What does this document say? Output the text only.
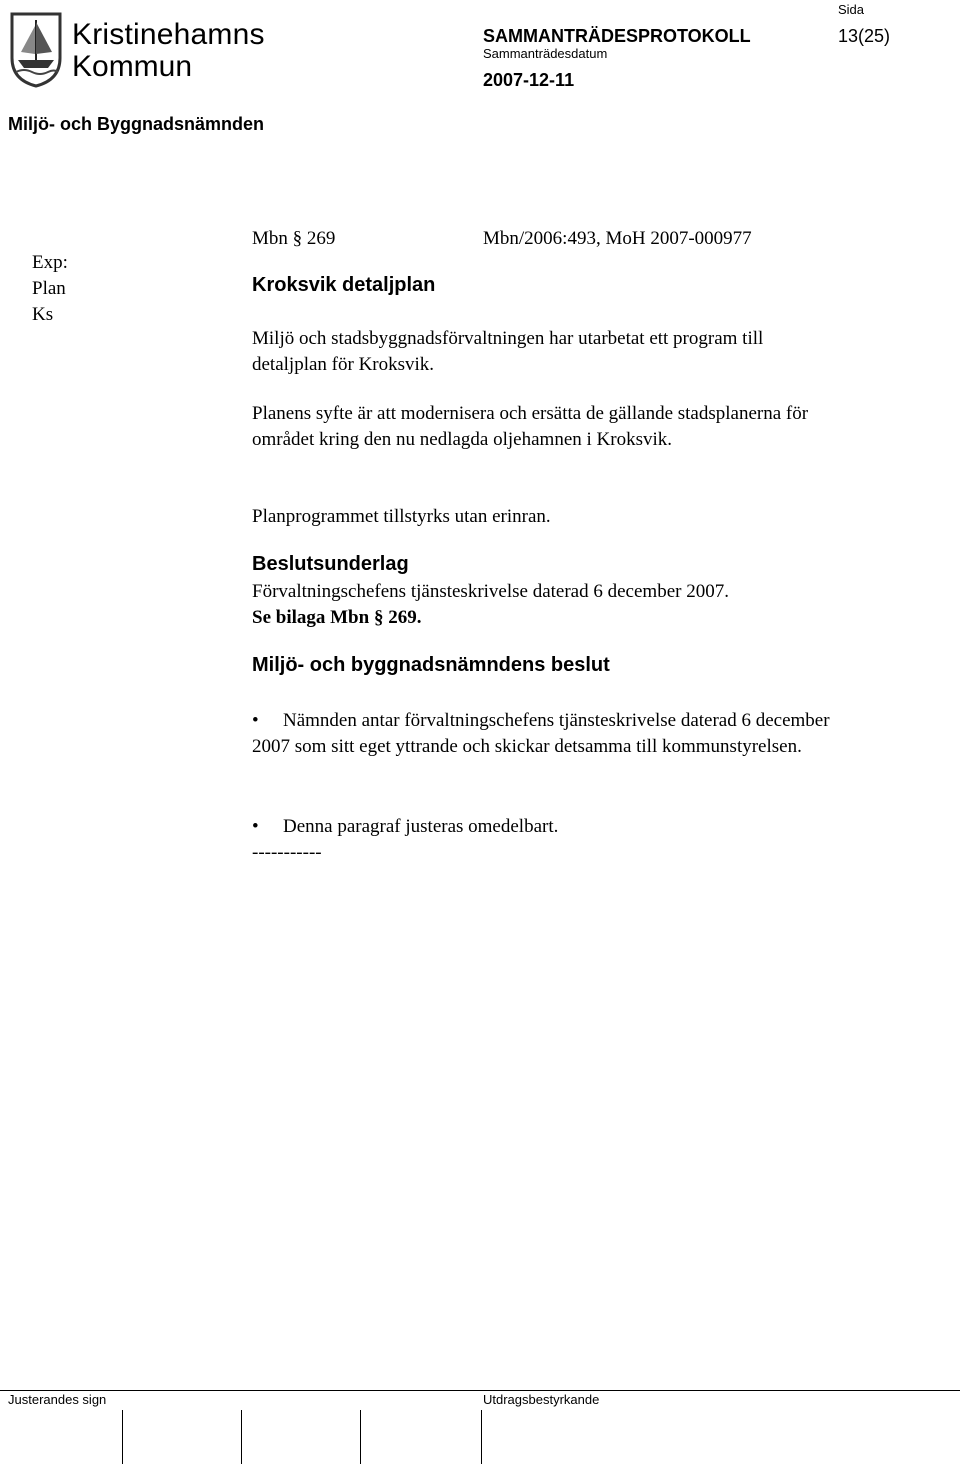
Kristinehamns
Kommun
Sida
SAMMANTRÄDESPROTOKOLL	13(25)
Sammanträdesdatum
2007-12-11
Miljö- och Byggnadsnämnden
Exp:
Plan
Ks
Mbn § 269	Mbn/2006:493, MoH 2007-000977
Kroksvik detaljplan
Miljö och stadsbyggnadsförvaltningen har utarbetat ett program till detaljplan för Kroksvik.
Planens syfte är att modernisera och ersätta de gällande stadsplanerna för området kring den nu nedlagda oljehamnen i Kroksvik.
Planprogrammet tillstyrks utan erinran.
Beslutsunderlag
Förvaltningschefens tjänsteskrivelse daterad 6 december 2007.
Se bilaga Mbn § 269.
Miljö- och byggnadsnämndens beslut
• Nämnden antar förvaltningschefens tjänsteskrivelse daterad 6 december 2007 som sitt eget yttrande och skickar detsamma till kommunstyrelsen.
• Denna paragraf justeras omedelbart.
-----------
Justerandes sign	Utdragsbestyrkande
